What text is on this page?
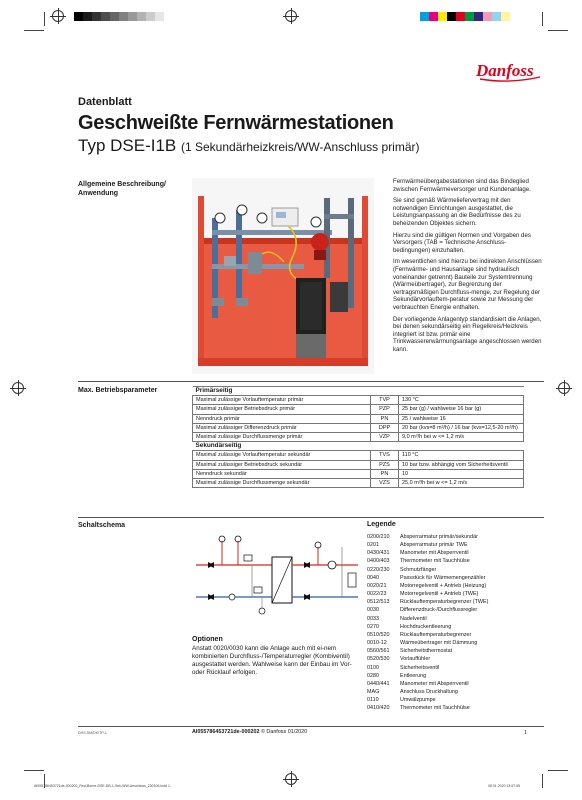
Danfoss
Datenblatt
Geschweißte Fernwärmestationen
Typ DSE-I1B (1 Sekundärheizkreis/WW-Anschluss primär)
Allgemeine Beschreibung/ Anwendung
Max. Betriebsparameter
Schaltschema

Fernwärmeübergabestationen sind das Bindeglied zwischen Fernwärmeversorger und Kundenanlage.

Sie sind gemäß Wärmeliefervertrag mit den notwendigen Einrichtungen ausgestattet, die Leistungsanpassung an die Bedürfnisse des zu beheizenden Objektes sichern.

Hierzu sind die gültigen Normen und Vorgaben des Versorgers (TAB = Technische Anschluss-bedingungen) einzuhalten.

Im wesentlichen sind hierzu bei indirekten Anschlüssen (Fernwärme- und Hausanlage sind hydraulisch voneinander getrennt) Bauteile zur Systemtrennung (Wärmeübertrager), zur Begrenzung der vertragsmäßigen Durchfluss-menge, zur Regelung der Sekundärvorlauftem-peratur sowie zur Messung der verbrauchten Energie enthalten.

Der vorliegende Anlagentyp standardisiert die Anlagen, bei denen sekundärseitig ein Regelkreis/Heizkreis integriert ist bzw. primär eine Trinkwassererwärmungsanlage angeschlossen werden kann.

Primärseitig		
Maximal zulässige Vorlauftemperatur primär	TVP	130 °C
Maximal zulässiger Betriebsdruck primär	PZP	25 bar (g) / wahlweise 16 bar (g)
Nenndruck primär	PN	25 / wahlweise 16
Maximal zulässiger Differenzdruck primär	DPP	20 bar (kvs=8 m³/h) / 16 bar (kvs=12,5-20 m³/h)
Maximal zulässige Durchflussmenge primär	VZP	9,0 m³/h bei w <= 1,2 m/s
Sekundärseitig		
Maximal zulässige Vorlauftemperatur sekundär	TVS	110 °C
Maximal zulässiger Betriebsdruck sekundär	PZS	10 bar bzw. abhängig vom Sicherheitsventil
Nenndruck sekundär	PN	10
Maximal zulässige Durchflussmenge sekundär	VZS	25,0 m³/h bei w <= 1,2 m/s
Optionen
Anstatt 0020/0030 kann die Anlage auch mit ei-nem kombinierten Durchfluss-/Temperaturregler (Kombiventil) ausgestattet werden. Wahlweise kann der Einbau im Vor- oder Rücklauf erfolgen.
Legende
0200/210	Absperrarmatur primär/sekundär
0201	Absperrarmatur primär TWE
0430/431	Manometer mit Absperrventil
0400/403	Thermometer mit Tauchhülse
0220/230	Schmutzfänger
0040	Passstück für Wärmemengenzähler
0020/21	Motorregelventil + Antrieb (Heizung)
0022/23	Motorregelventil + Antrieb (TWE)
0512/513	Rücklauftemperaturbegrenzer (TWE)
0030	Differenzdruck-/Durchflussregler
0033	Nadelventil
0270	Hochdruckentleerung
0510/520	Rücklauftemperaturbegrenzer
0010-12	Wärmeübertrager mit Dämmung
0560/561	Sicherheitsthermostat
0520/530	Vorlauffühler
0100	Sicherheitsventil
0280	Entleerung
0440/441	Manometer mit Absperrventil
MAG	Anschluss Druckhaltung
0110	Umwälzpumpe
0410/420	Thermometer mit Tauchhülse
DHS-SM/DK/TP-L	AI055786453721de-000202 © Danfoss 01/2020	1
AI055786453721de-000202_Red-Borne-DSE-DB-1-Sek-WW-Anschluss_200106.indd 1	08.01.2020 13:57:55
